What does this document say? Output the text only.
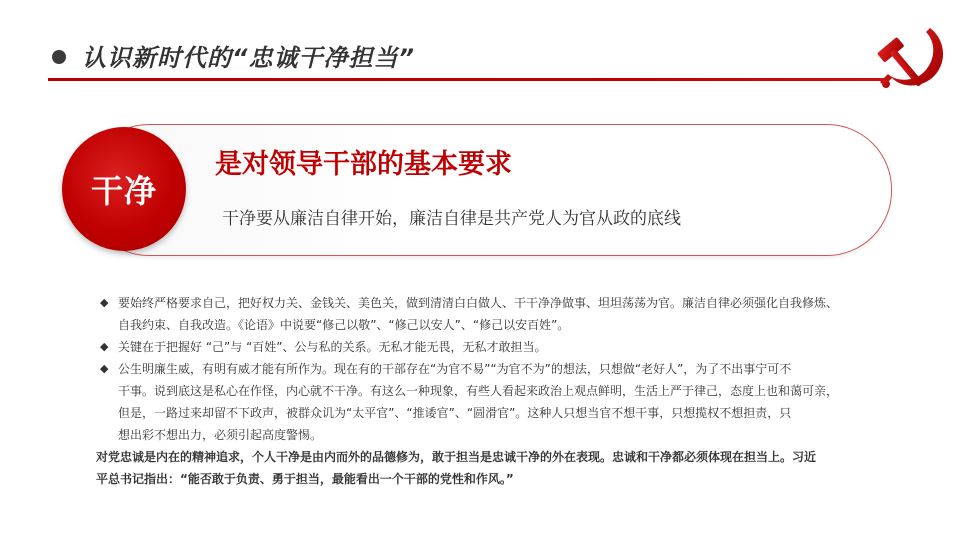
认识新时代的“忠诚干净担当”
干净
是对领导干部的基本要求
干净要从廉洁自律开始，廉洁自律是共产党人为官从政的底线
◆ 要始终严格要求自己，把好权力关、金钱关、美色关，做到清清白白做人、干干净净做事、坦坦荡荡为官。廉洁自律必须强化自我修炼、
自我约束、自我改造。《论语》中说要“修己以敬”、“修己以安人”、“修己以安百姓”。
◆ 关键在于把握好 “己”与 “百姓”、公与私的关系。无私才能无畏，无私才敢担当。
◆ 公生明廉生威，有明有威才能有所作为。现在有的干部存在“为官不易”“为官不为”的想法，只想做“老好人”，为了不出事宁可不
干事。说到底这是私心在作怪，内心就不干净。有这么一种现象，有些人看起来政治上观点鲜明，生活上严于律己，态度上也和蔼可亲，
但是，一路过来却留不下政声，被群众讥为“太平官”、“推诿官”、“圆滑官”。这种人只想当官不想干事，只想揽权不想担责，只
想出彩不想出力，必须引起高度警惕。
对党忠诚是内在的精神追求，个人干净是由内而外的品德修为，敢于担当是忠诚干净的外在表现。忠诚和干净都必须体现在担当上。习近
平总书记指出：“能否敢于负责、勇于担当，最能看出一个干部的党性和作风。”
